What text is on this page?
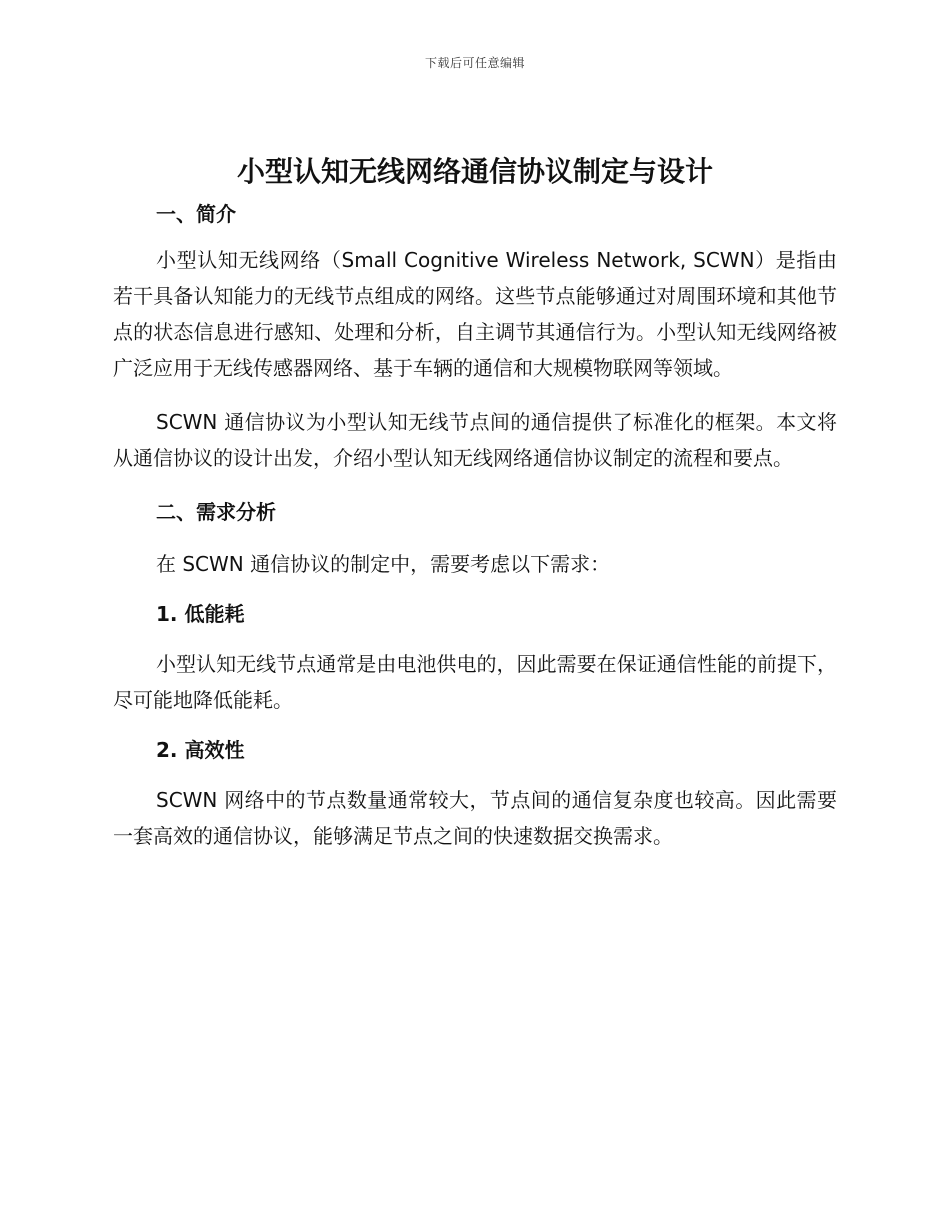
下载后可任意编辑
小型认知无线网络通信协议制定与设计
一、简介

小型认知无线网络（Small Cognitive Wireless Network, SCWN）是指由若干具备认知能力的无线节点组成的网络。这些节点能够通过对周围环境和其他节点的状态信息进行感知、处理和分析，自主调节其通信行为。小型认知无线网络被广泛应用于无线传感器网络、基于车辆的通信和大规模物联网等领域。

SCWN 通信协议为小型认知无线节点间的通信提供了标准化的框架。本文将从通信协议的设计出发，介绍小型认知无线网络通信协议制定的流程和要点。

二、需求分析

在 SCWN 通信协议的制定中，需要考虑以下需求：

1. 低能耗

小型认知无线节点通常是由电池供电的，因此需要在保证通信性能的前提下，尽可能地降低能耗。

2. 高效性

SCWN 网络中的节点数量通常较大，节点间的通信复杂度也较高。因此需要一套高效的通信协议，能够满足节点之间的快速数据交换需求。
